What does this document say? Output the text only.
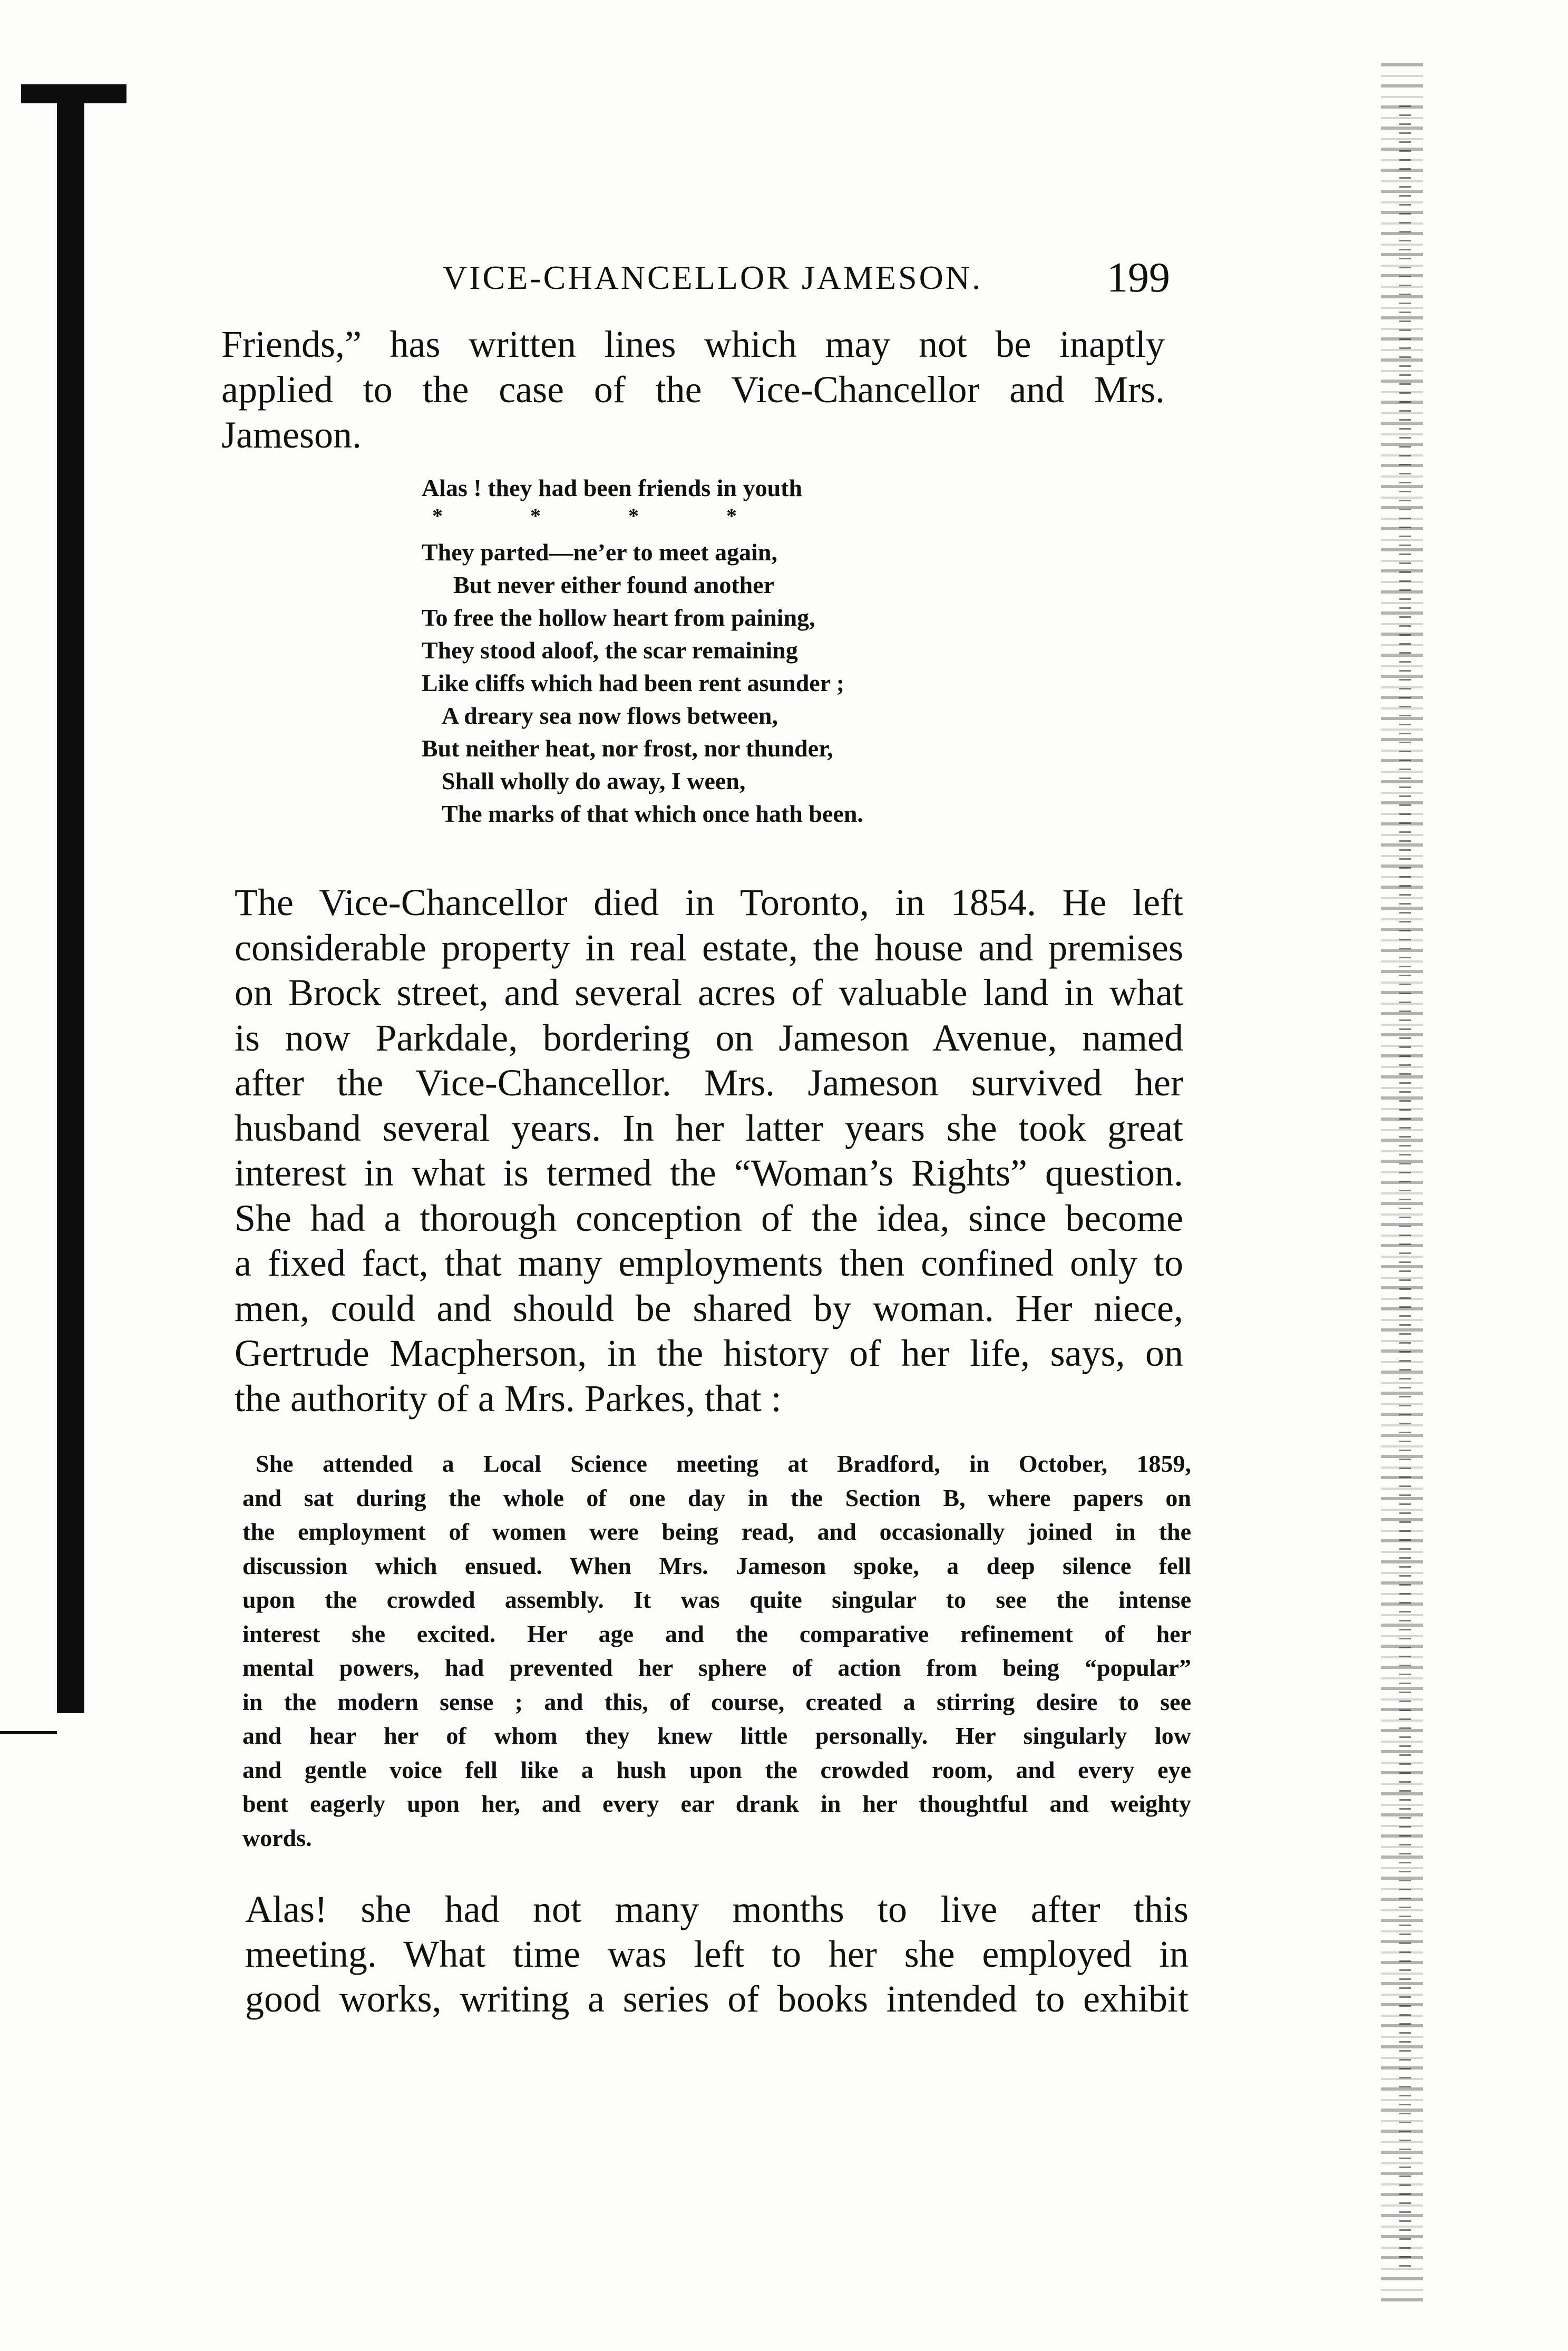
VICE-CHANCELLOR JAMESON.	199
Friends,” has written lines which may not be inaptly
applied to the case of the Vice-Chancellor and Mrs.
Jameson.
Alas ! they had been friends in youth
*          *          *          *
They parted—ne’er to meet again,
But never either found another
To free the hollow heart from paining,
They stood aloof, the scar remaining
Like cliffs which had been rent asunder ;
A dreary sea now flows between,
But neither heat, nor frost, nor thunder,
Shall wholly do away, I ween,
The marks of that which once hath been.
The Vice-Chancellor died in Toronto, in 1854. He left
considerable property in real estate, the house and premises
on Brock street, and several acres of valuable land in what
is now Parkdale, bordering on Jameson Avenue, named
after the Vice-Chancellor. Mrs. Jameson survived her
husband several years. In her latter years she took great
interest in what is termed the “Woman’s Rights” question.
She had a thorough conception of the idea, since become
a fixed fact, that many employments then confined only to
men, could and should be shared by woman. Her niece,
Gertrude Macpherson, in the history of her life, says, on
the authority of a Mrs. Parkes, that :
She attended a Local Science meeting at Bradford, in October, 1859,
and sat during the whole of one day in the Section B, where papers on
the employment of women were being read, and occasionally joined in the
discussion which ensued. When Mrs. Jameson spoke, a deep silence fell
upon the crowded assembly. It was quite singular to see the intense
interest she excited. Her age and the comparative refinement of her
mental powers, had prevented her sphere of action from being “popular”
in the modern sense ; and this, of course, created a stirring desire to see
and hear her of whom they knew little personally. Her singularly low
and gentle voice fell like a hush upon the crowded room, and every eye
bent eagerly upon her, and every ear drank in her thoughtful and weighty
words.
Alas! she had not many months to live after this
meeting. What time was left to her she employed in
good works, writing a series of books intended to exhibit
